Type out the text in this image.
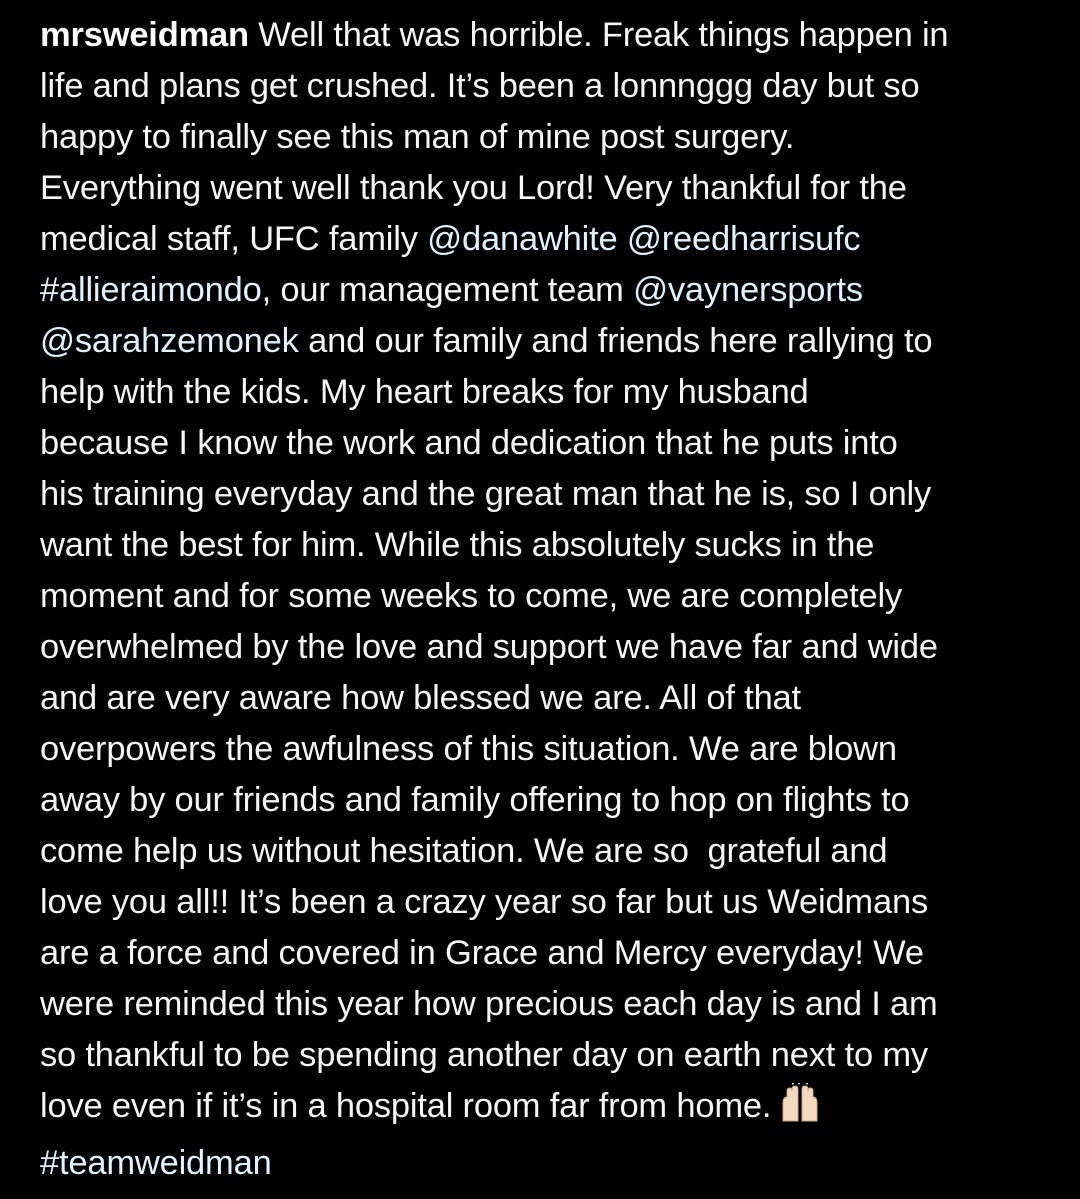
mrsweidman Well that was horrible. Freak things happen in
life and plans get crushed. It’s been a lonnnggg day but so
happy to finally see this man of mine post surgery.
Everything went well thank you Lord! Very thankful for the
medical staff, UFC family @danawhite @reedharrisufc
#allieraimondo, our management team @vaynersports
@sarahzemonek and our family and friends here rallying to
help with the kids. My heart breaks for my husband
because I know the work and dedication that he puts into
his training everyday and the great man that he is, so I only
want the best for him. While this absolutely sucks in the
moment and for some weeks to come, we are completely
overwhelmed by the love and support we have far and wide
and are very aware how blessed we are. All of that
overpowers the awfulness of this situation. We are blown
away by our friends and family offering to hop on flights to
come help us without hesitation. We are so  grateful and
love you all!! It’s been a crazy year so far but us Weidmans
are a force and covered in Grace and Mercy everyday! We
were reminded this year how precious each day is and I am
so thankful to be spending another day on earth next to my
love even if it’s in a hospital room far from home.
#teamweidman
